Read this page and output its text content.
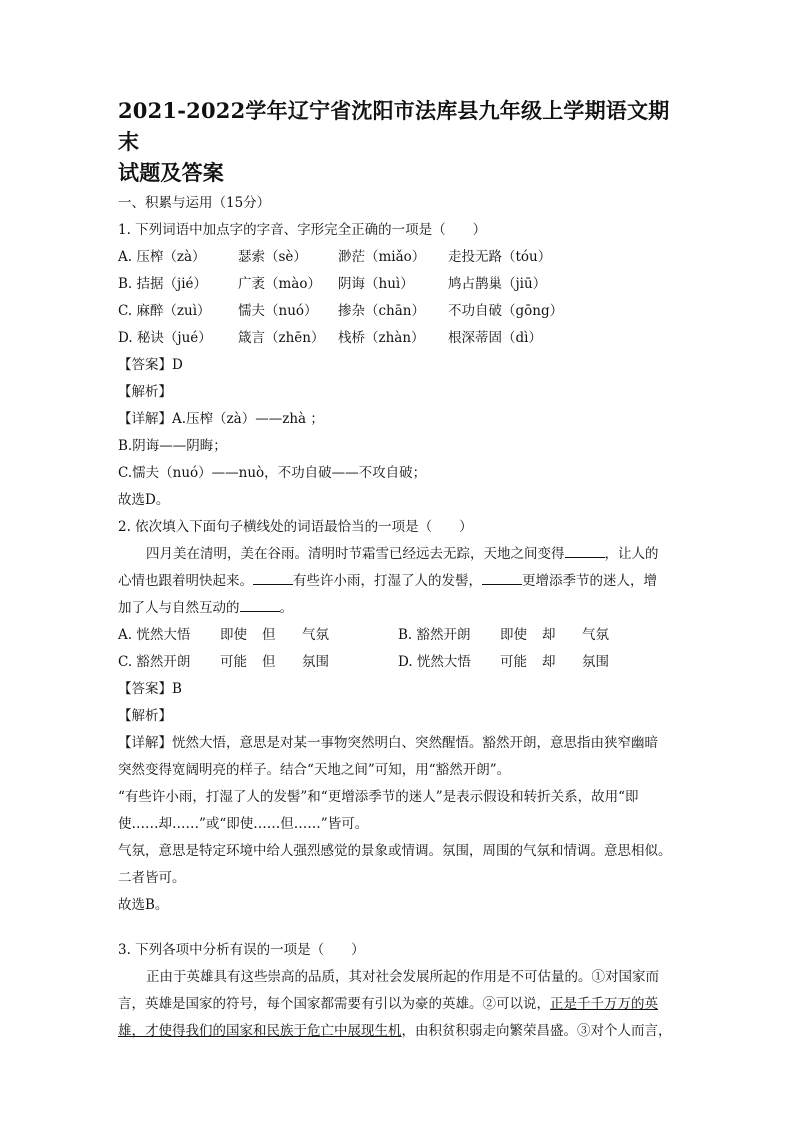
2021-2022学年辽宁省沈阳市法库县九年级上学期语文期末
试题及答案
一、积累与运用（15分）
1. 下列词语中加点字的字音、字形完全正确的一项是（　　）
A. 压榨（zà）	瑟索（sè）	渺茫（miǎo）	走投无路（tóu）
B. 拮据（jié）	广袤（mào）	阴诲（huì）	鸠占鹊巢（jiū）
C. 麻醉（zuì）	懦夫（nuó）	掺杂（chān）	不功自破（gōng）
D. 秘诀（jué）	箴言（zhēn）	栈桥（zhàn）	根深蒂固（dì）
【答案】D
【解析】
【详解】A.压榨（zà）——zhà ；
B.阴诲——阴晦；
C.懦夫（nuó）——nuò，不功自破——不攻自破；
故选D。
2. 依次填入下面句子横线处的词语最恰当的一项是（　　）
四月美在清明，美在谷雨。清明时节霜雪已经远去无踪，天地之间变得	，让人的
心情也跟着明快起来。	有些许小雨，打湿了人的发髻，	更增添季节的迷人，增
加了人与自然互动的	。
A. 恍然大悟	即使	但	气氛	B. 豁然开朗	即使	却	气氛
C. 豁然开朗	可能	但	氛围	D. 恍然大悟	可能	却	氛围
【答案】B
【解析】
【详解】恍然大悟，意思是对某一事物突然明白、突然醒悟。豁然开朗，意思指由狭窄幽暗
突然变得宽阔明亮的样子。结合“天地之间”可知，用“豁然开朗”。
“有些许小雨，打湿了人的发髻”和“更增添季节的迷人”是表示假设和转折关系，故用“即
使……却……”或“即使……但……”皆可。
气氛，意思是特定环境中给人强烈感觉的景象或情调。氛围，周围的气氛和情调。意思相似。
二者皆可。
故选B。
3. 下列各项中分析有误的一项是（　　）
正由于英雄具有这些崇高的品质，其对社会发展所起的作用是不可估量的。①对国家而
言，英雄是国家的符号，每个国家都需要有引以为豪的英雄。②可以说，正是千千万万的英
雄，才使得我们的国家和民族于危亡中展现生机，由积贫积弱走向繁荣昌盛。③对个人而言，
